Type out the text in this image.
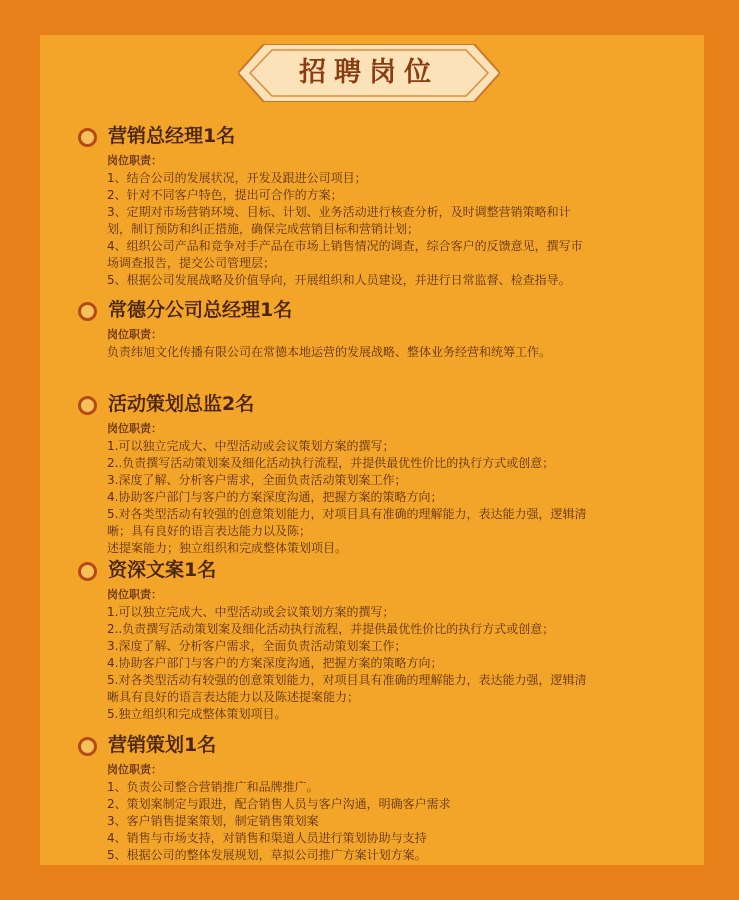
招聘岗位
营销总经理1名
岗位职责：
1、结合公司的发展状况，开发及跟进公司项目；
2、针对不同客户特色，提出可合作的方案；
3、定期对市场营销环境、目标、计划、业务活动进行核查分析，及时调整营销策略和计
划，制订预防和纠正措施，确保完成营销目标和营销计划；
4、组织公司产品和竞争对手产品在市场上销售情况的调查，综合客户的反馈意见，撰写市
场调查报告，提交公司管理层；
5、根据公司发展战略及价值导向，开展组织和人员建设，并进行日常监督、检查指导。
常德分公司总经理1名
岗位职责：
负责纬旭文化传播有限公司在常德本地运营的发展战略、整体业务经营和统筹工作。
活动策划总监2名
岗位职责：
1.可以独立完成大、中型活动或会议策划方案的撰写；
2..负责撰写活动策划案及细化活动执行流程，并提供最优性价比的执行方式或创意；
3.深度了解、分析客户需求，全面负责活动策划案工作；
4.协助客户部门与客户的方案深度沟通，把握方案的策略方向；
5.对各类型活动有较强的创意策划能力，对项目具有准确的理解能力，表达能力强，逻辑清
晰；具有良好的语言表达能力以及陈；
述提案能力；独立组织和完成整体策划项目。
资深文案1名
岗位职责：
1.可以独立完成大、中型活动或会议策划方案的撰写；
2..负责撰写活动策划案及细化活动执行流程，并提供最优性价比的执行方式或创意；
3.深度了解、分析客户需求，全面负责活动策划案工作；
4.协助客户部门与客户的方案深度沟通，把握方案的策略方向；
5.对各类型活动有较强的创意策划能力，对项目具有准确的理解能力，表达能力强，逻辑清
晰具有良好的语言表达能力以及陈述提案能力；
5.独立组织和完成整体策划项目。
营销策划1名
岗位职责：
1、负责公司整合营销推广和品牌推广。
2、策划案制定与跟进，配合销售人员与客户沟通，明确客户需求
3、客户销售提案策划，制定销售策划案
4、销售与市场支持，对销售和渠道人员进行策划协助与支持
5、根据公司的整体发展规划，草拟公司推广方案计划方案。
